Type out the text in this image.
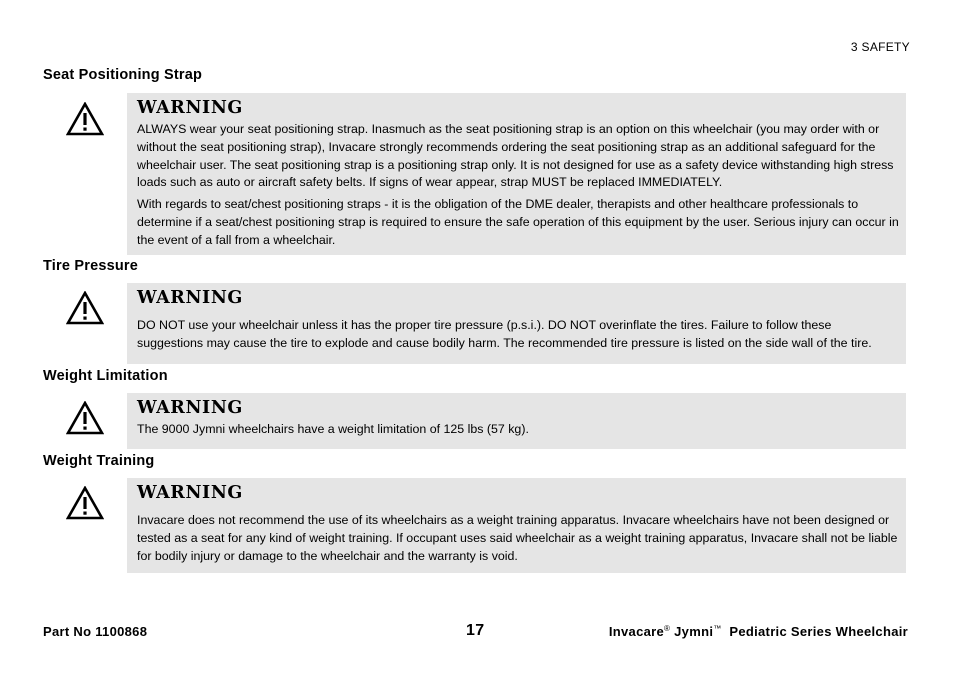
3 SAFETY
Seat Positioning Strap
WARNING

ALWAYS wear your seat positioning strap. Inasmuch as the seat positioning strap is an option on this wheelchair (you may order with or without the seat positioning strap), Invacare strongly recommends ordering the seat positioning strap as an additional safeguard for the wheelchair user. The seat positioning strap is a positioning strap only. It is not designed for use as a safety device withstanding high stress loads such as auto or aircraft safety belts. If signs of wear appear, strap MUST be replaced IMMEDIATELY.

With regards to seat/chest positioning straps - it is the obligation of the DME dealer, therapists and other healthcare professionals to determine if a seat/chest positioning strap is required to ensure the safe operation of this equipment by the user. Serious injury can occur in the event of a fall from a wheelchair.

Tire Pressure
WARNING

DO NOT use your wheelchair unless it has the proper tire pressure (p.s.i.). DO NOT overinflate the tires. Failure to follow these suggestions may cause the tire to explode and cause bodily harm. The recommended tire pressure is listed on the side wall of the tire.

Weight Limitation
WARNING

The 9000 Jymni wheelchairs have a weight limitation of 125 lbs (57 kg).

Weight Training
WARNING

Invacare does not recommend the use of its wheelchairs as a weight training apparatus. Invacare wheelchairs have not been designed or tested as a seat for any kind of weight training. If occupant uses said wheelchair as a weight training apparatus, Invacare shall not be liable for bodily injury or damage to the wheelchair and the warranty is void.

Part No 1100868	17	Invacare® Jymni™ Pediatric Series Wheelchair
